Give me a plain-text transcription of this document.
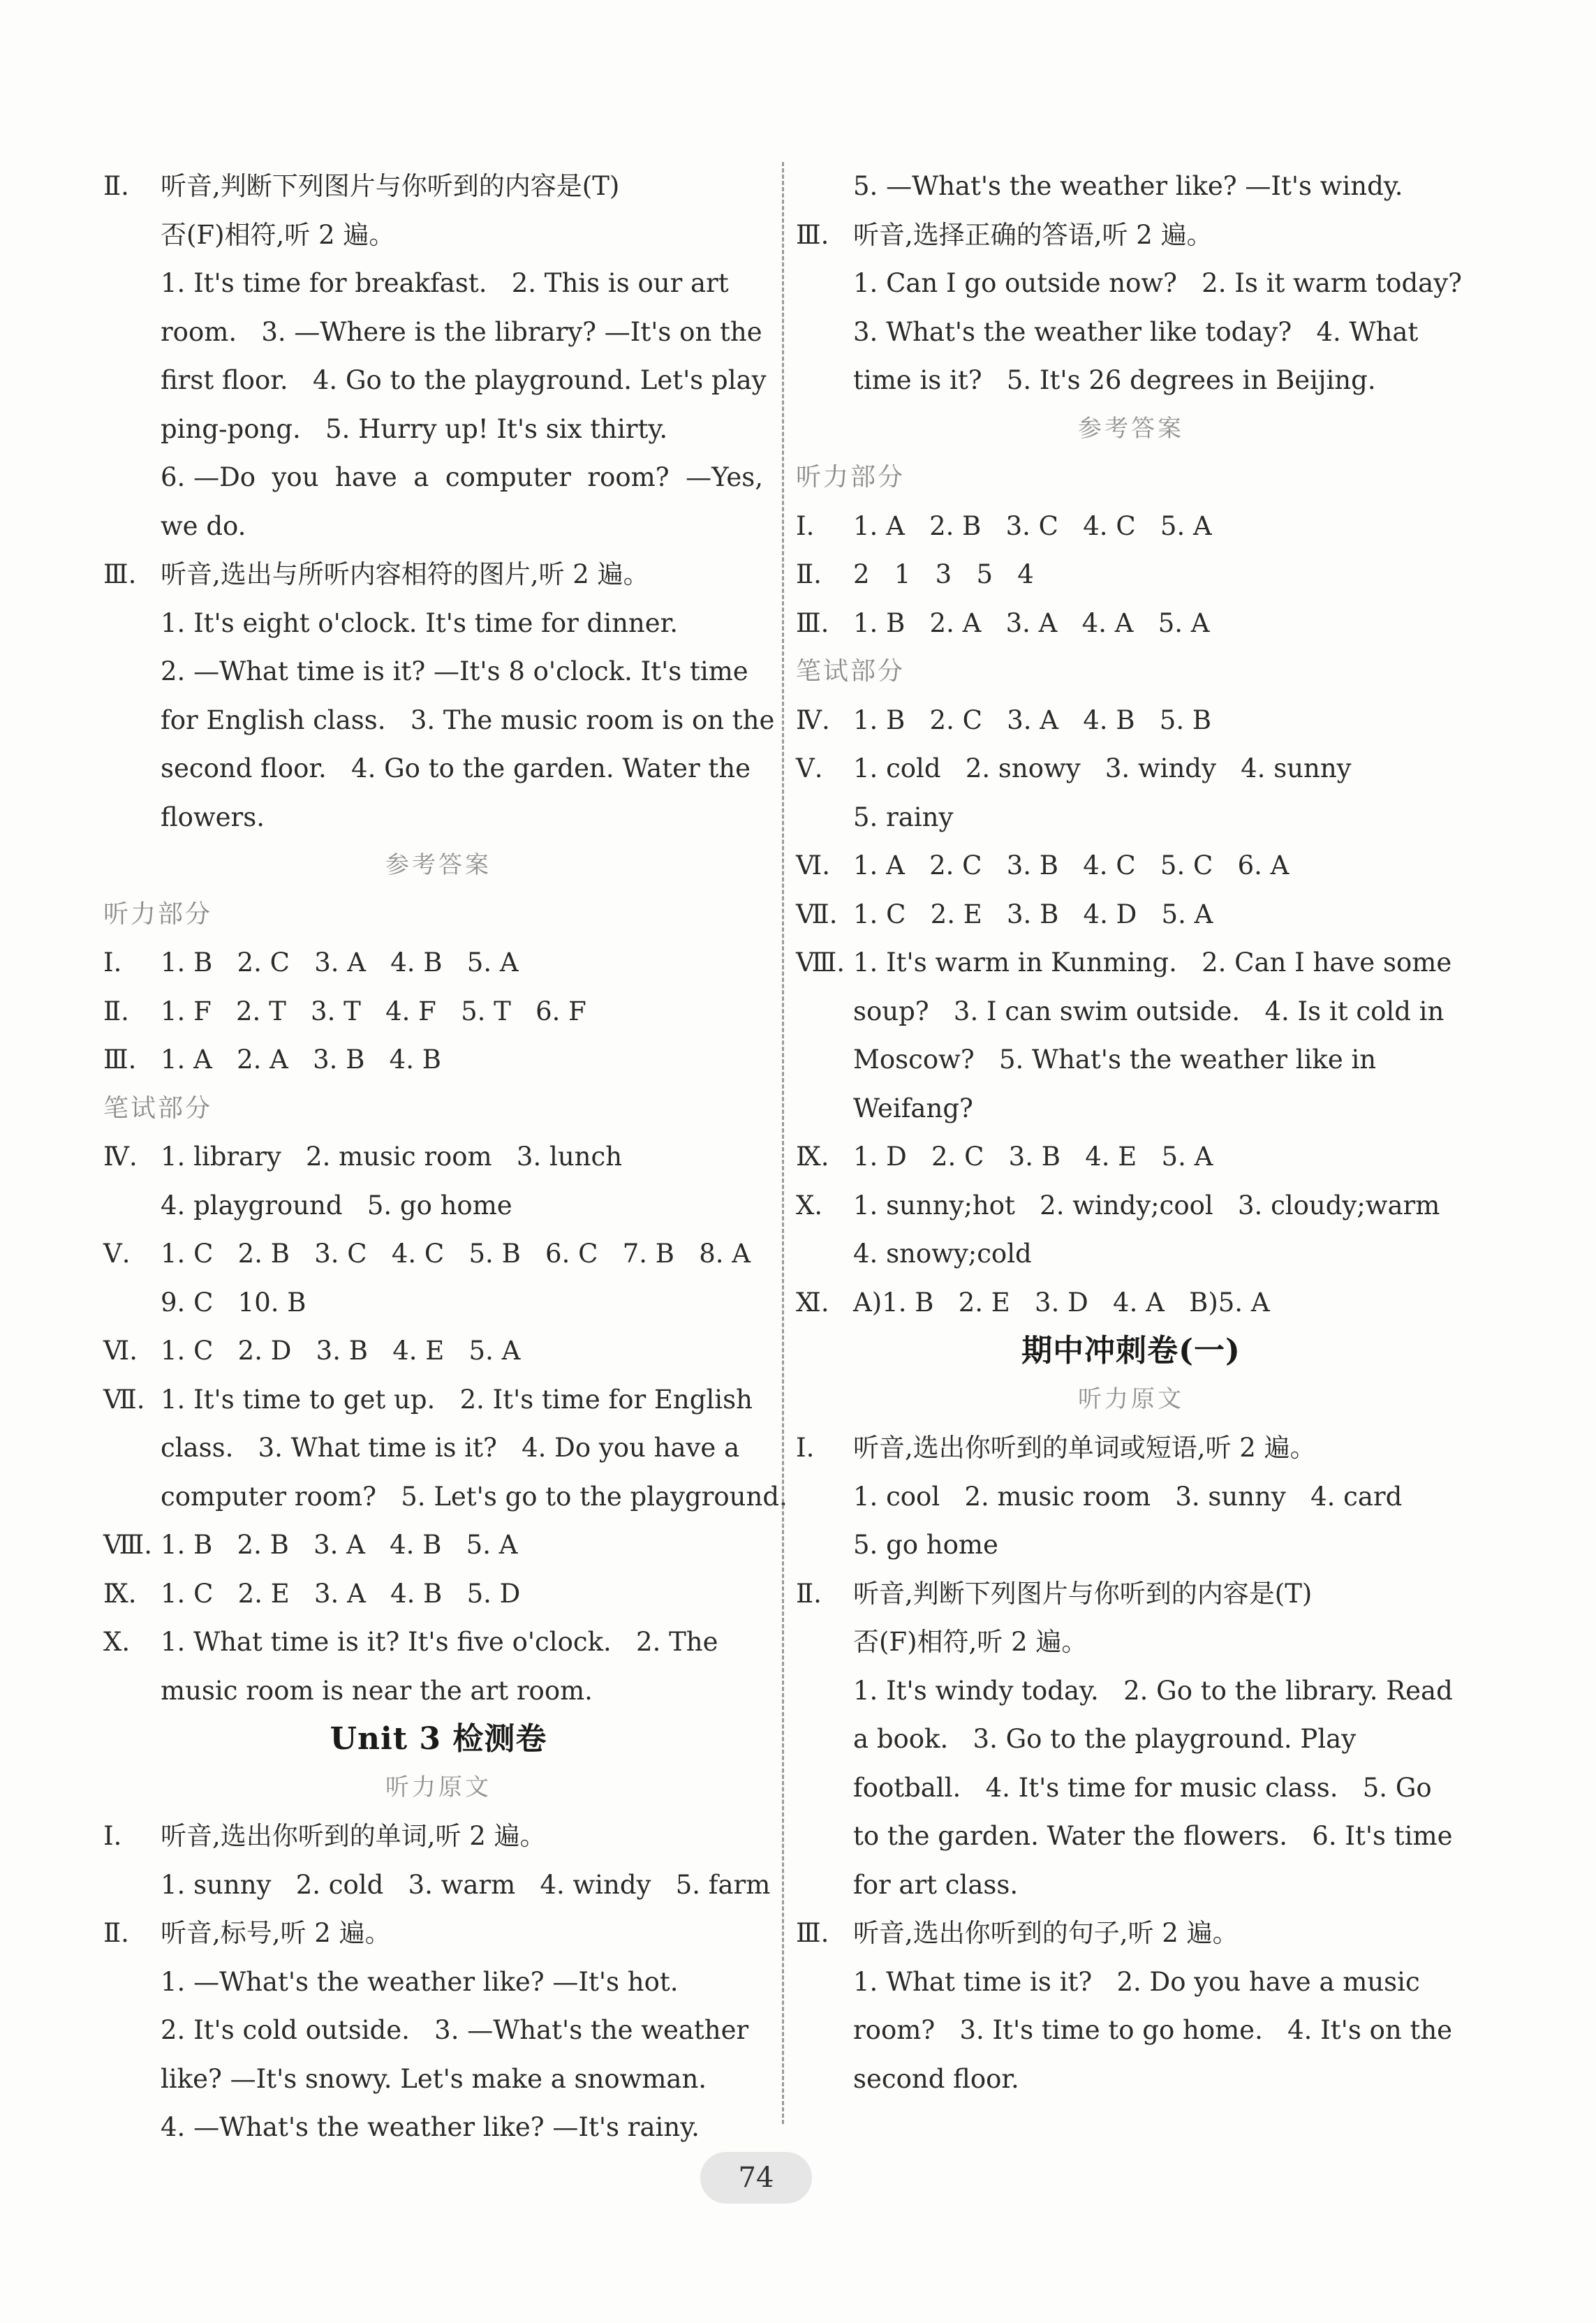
Ⅱ. 听音,判断下列图片与你听到的内容是(T)
否(F)相符,听 2 遍。
1. It's time for breakfast.   2. This is our art
room.   3. —Where is the library? —It's on the
first floor.   4. Go to the playground. Let's play
ping-pong.   5. Hurry up! It's six thirty.
6. —Do  you  have  a  computer  room?  —Yes,
we do.
Ⅲ. 听音,选出与所听内容相符的图片,听 2 遍。
1. It's eight o'clock. It's time for dinner.
2. —What time is it? —It's 8 o'clock. It's time
for English class.   3. The music room is on the
second floor.   4. Go to the garden. Water the
flowers.
参考答案
听力部分
Ⅰ. 1. B   2. C   3. A   4. B   5. A
Ⅱ. 1. F   2. T   3. T   4. F   5. T   6. F
Ⅲ. 1. A   2. A   3. B   4. B
笔试部分
Ⅳ. 1. library   2. music room   3. lunch
4. playground   5. go home
Ⅴ. 1. C   2. B   3. C   4. C   5. B   6. C   7. B   8. A
9. C   10. B
Ⅵ. 1. C   2. D   3. B   4. E   5. A
Ⅶ. 1. It's time to get up.   2. It's time for English
class.   3. What time is it?   4. Do you have a
computer room?   5. Let's go to the playground.
Ⅷ. 1. B   2. B   3. A   4. B   5. A
Ⅸ. 1. C   2. E   3. A   4. B   5. D
Ⅹ. 1. What time is it? It's five o'clock.   2. The
music room is near the art room.
Unit 3 检测卷
听力原文
Ⅰ. 听音,选出你听到的单词,听 2 遍。
1. sunny   2. cold   3. warm   4. windy   5. farm
Ⅱ. 听音,标号,听 2 遍。
1. —What's the weather like? —It's hot.
2. It's cold outside.   3. —What's the weather
like? —It's snowy. Let's make a snowman.
4. —What's the weather like? —It's rainy.
5. —What's the weather like? —It's windy.
Ⅲ. 听音,选择正确的答语,听 2 遍。
1. Can I go outside now?   2. Is it warm today?
3. What's the weather like today?   4. What
time is it?   5. It's 26 degrees in Beijing.
参考答案
听力部分
Ⅰ. 1. A   2. B   3. C   4. C   5. A
Ⅱ. 2   1   3   5   4
Ⅲ. 1. B   2. A   3. A   4. A   5. A
笔试部分
Ⅳ. 1. B   2. C   3. A   4. B   5. B
Ⅴ. 1. cold   2. snowy   3. windy   4. sunny
5. rainy
Ⅵ. 1. A   2. C   3. B   4. C   5. C   6. A
Ⅶ. 1. C   2. E   3. B   4. D   5. A
Ⅷ. 1. It's warm in Kunming.   2. Can I have some
soup?   3. I can swim outside.   4. Is it cold in
Moscow?   5. What's the weather like in
Weifang?
Ⅸ. 1. D   2. C   3. B   4. E   5. A
Ⅹ. 1. sunny;hot   2. windy;cool   3. cloudy;warm
4. snowy;cold
Ⅺ. A)1. B   2. E   3. D   4. A   B)5. A
期中冲刺卷(一)
听力原文
Ⅰ. 听音,选出你听到的单词或短语,听 2 遍。
1. cool   2. music room   3. sunny   4. card
5. go home
Ⅱ. 听音,判断下列图片与你听到的内容是(T)
否(F)相符,听 2 遍。
1. It's windy today.   2. Go to the library. Read
a book.   3. Go to the playground. Play
football.   4. It's time for music class.   5. Go
to the garden. Water the flowers.   6. It's time
for art class.
Ⅲ. 听音,选出你听到的句子,听 2 遍。
1. What time is it?   2. Do you have a music
room?   3. It's time to go home.   4. It's on the
second floor.
74
